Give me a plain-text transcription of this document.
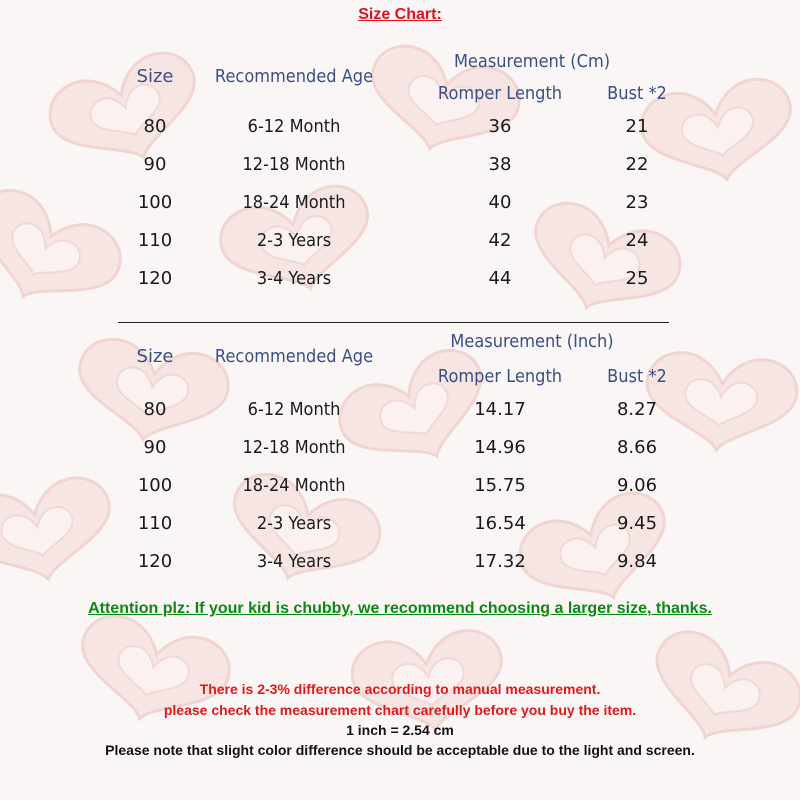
Size Chart:
Size Recommended Age
Measurement (Cm)
Romper Length	Bust *2
80	6-12 Month	36	21
90	12-18 Month	38	22
100	18-24 Month	40	23
110	2-3 Years	42	24
120	3-4 Years	44	25
Size Recommended Age
Measurement (Inch)
Romper Length	Bust *2
80	6-12 Month	14.17	8.27
90	12-18 Month	14.96	8.66
100	18-24 Month	15.75	9.06
110	2-3 Years	16.54	9.45
120	3-4 Years	17.32	9.84
Attention plz: If your kid is chubby, we recommend choosing a larger size, thanks.
There is 2-3% difference according to manual measurement.
please check the measurement chart carefully before you buy the item.
1 inch = 2.54 cm
Please note that slight color difference should be acceptable due to the light and screen.
